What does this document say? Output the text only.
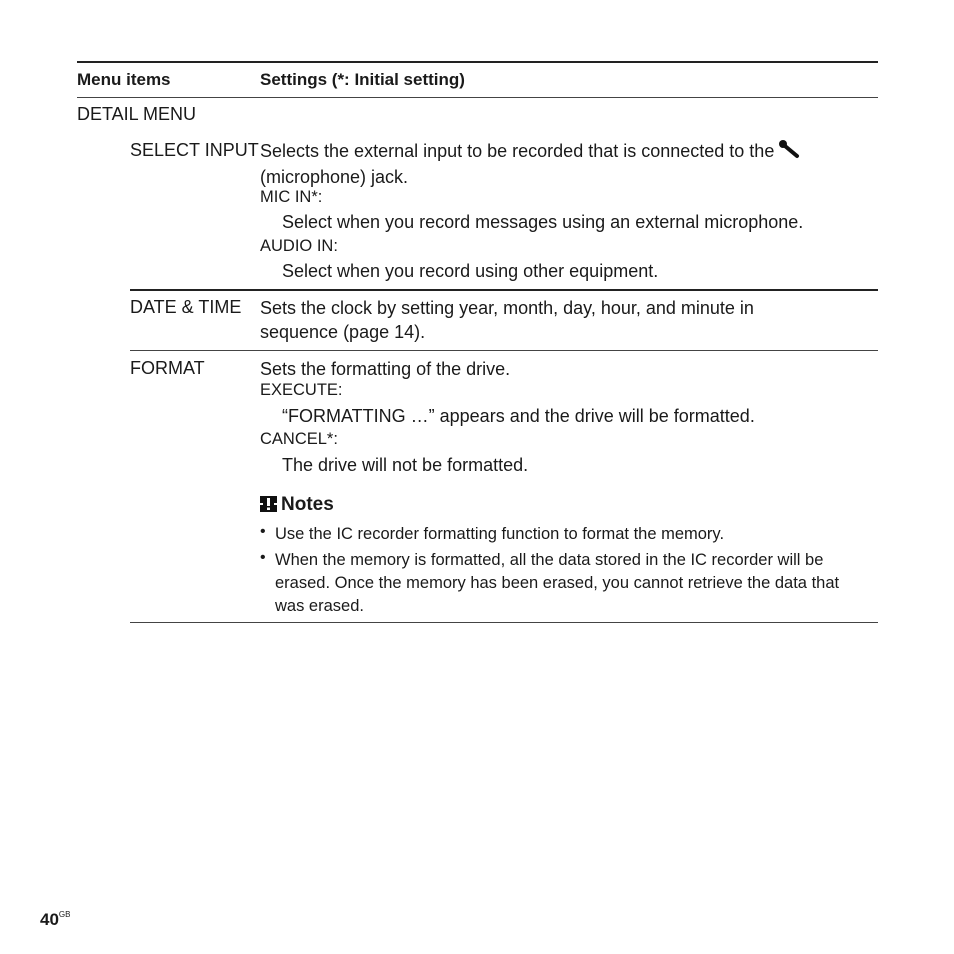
Menu items	Settings (*: Initial setting)
DETAIL MENU
SELECT INPUT Selects the external input to be recorded that is connected to the
(microphone) jack.
MIC IN*:
Select when you record messages using an external microphone.
AUDIO IN:
Select when you record using other equipment.
DATE & TIME Sets the clock by setting year, month, day, hour, and minute in
sequence (page 14).
FORMAT	Sets the formatting of the drive.
EXECUTE:
“FORMATTING …” appears and the drive will be formatted.
CANCEL*:
The drive will not be formatted.
Notes
• Use the IC recorder formatting function to format the memory.
• When the memory is formatted, all the data stored in the IC recorder will be erased. Once the memory has been erased, you cannot retrieve the data that was erased.
$40^{GB}$
